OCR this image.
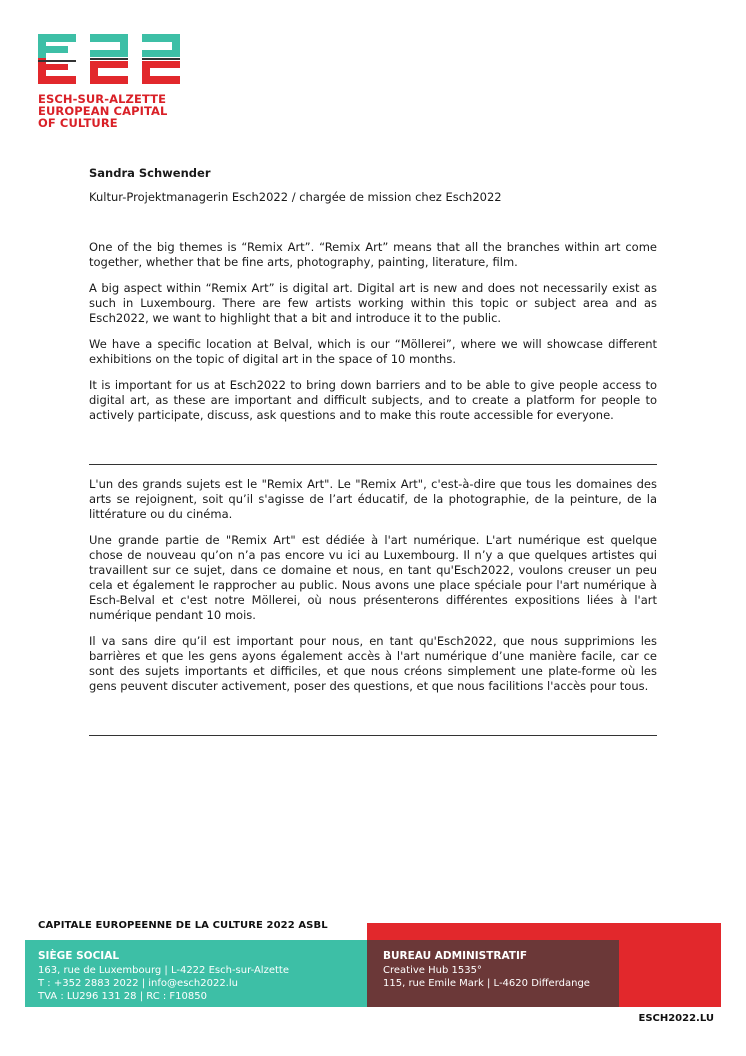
ESCH-SUR-ALZETTE
EUROPEAN CAPITAL
OF CULTURE
Sandra Schwender
Kultur-Projektmanagerin Esch2022 / chargée de mission chez Esch2022

One of the big themes is “Remix Art”. “Remix Art” means that all the branches within art come together, whether that be fine arts, photography, painting, literature, film.

A big aspect within “Remix Art” is digital art. Digital art is new and does not necessarily exist as such in Luxembourg. There are few artists working within this topic or subject area and as Esch2022, we want to highlight that a bit and introduce it to the public.

We have a specific location at Belval, which is our “Möllerei”, where we will showcase different exhibitions on the topic of digital art in the space of 10 months.

It is important for us at Esch2022 to bring down barriers and to be able to give people access to digital art, as these are important and difficult subjects, and to create a platform for people to actively participate, discuss, ask questions and to make this route accessible for everyone.

L'un des grands sujets est le "Remix Art". Le "Remix Art", c'est-à-dire que tous les domaines des arts se rejoignent, soit qu’il s'agisse de l’art éducatif, de la photographie, de la peinture, de la littérature ou du cinéma.

Une grande partie de "Remix Art" est dédiée à l'art numérique. L'art numérique est quelque chose de nouveau qu’on n’a pas encore vu ici au Luxembourg. Il n’y a que quelques artistes qui travaillent sur ce sujet, dans ce domaine et nous, en tant qu'Esch2022, voulons creuser un peu cela et également le rapprocher au public. Nous avons une place spéciale pour l'art numérique à Esch-Belval et c'est notre Möllerei, où nous présenterons différentes expositions liées à l'art numérique pendant 10 mois.

Il va sans dire qu’il est important pour nous, en tant qu'Esch2022, que nous supprimions les barrières et que les gens ayons également accès à l'art numérique d’une manière facile, car ce sont des sujets importants et difficiles, et que nous créons simplement une plate-forme où les gens peuvent discuter activement, poser des questions, et que nous facilitions l'accès pour tous.

CAPITALE EUROPEENNE DE LA CULTURE 2022 ASBL
SIÈGE SOCIAL
163, rue de Luxembourg | L-4222 Esch-sur-Alzette
T : +352 2883 2022 | info@esch2022.lu
TVA : LU296 131 28 | RC : F10850
BUREAU ADMINISTRATIF
Creative Hub 1535°
115, rue Emile Mark | L-4620 Differdange
ESCH2022.LU
